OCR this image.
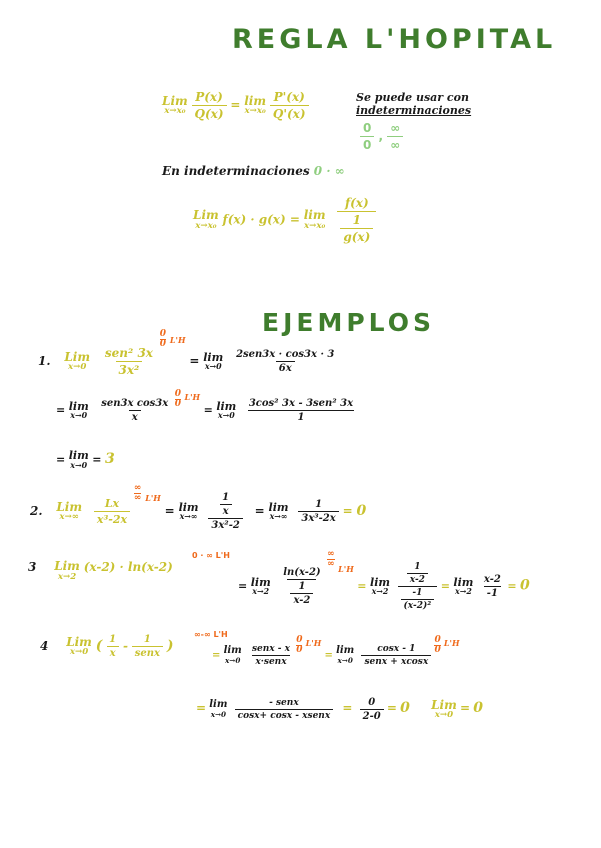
REGLA L'HOPITAL
Lim
x→x₀
$\frac{P(x)}{Q(x)} = \lim$
x→x₀
$\frac{P'(x)}{Q'(x)}$	Se puede usar con
indeterminaciones
$\frac{0}{0}$ , $\frac{\infty}{\infty}$
En indeterminaciones 0 · ∞
Lim
x→x₀ f(x) · g(x) = lim
x→x₀
$\frac{f(x)}{\frac{1}{g(x)}}$
EJEMPLOS
1. Lim
x→0
$\frac{\text{sen² 3x}}{\text{3x²}}$

$\frac{0}{0} ^{L'H} = \lim$
x→0
$\frac{\text{2sen3x · cos3x · 3}}{6x}$
= lim
x→0
$\frac{\text{sen3x cos3x}}{x}$
$\frac{0}{0} ^{L'H} = \lim$
x→0
$\frac{\text{3cos² 3x - 3sen² 3x}}{1}$
= lim
x→0 = 3
2. Lim
x→∞
$\frac{Lx}{\text{x³-2x}}$

∞
∞ $^{L'H}$ = lim
x→∞
$\frac{\frac{1}{x}}{\text{3x²-2}} = \lim$
x→∞
$\frac{1}{\text{3x³-2x}} = 0$
3 Lim
x→2
(x-2) · ln(x-2)
0 · ∞ L'H
= lim
x→2
$\frac{\ln(x-2)}{\frac{1}{x-2}}$

∞
∞ $^{L'H}$ = lim
x→2
$\frac{\frac{1}{x-2}}{\frac{-1}{\text{(x-2)²}}} = \lim$
x→2
$\frac{x-2}{-1} = 0$
4 Lim
x→0 ( $\frac{1}{x} - \frac{1}{\text{senx}}$ )
∞-∞ L'H
= lim
x→0
$\frac{\text{senx - x}}{\text{x·senx}}$
$\frac{0}{0} ^{L'H} = \lim$
x→0
$\frac{\cos x - 1}{\text{senx + xcosx}}$
$\frac{0}{0} ^{L'H}$
= lim
x→0
$\frac{\text{- senx}}{\text{cosx+ cosx - xsenx}} = \frac{0}{2-0} = 0$ Lim
x→0
= 0
